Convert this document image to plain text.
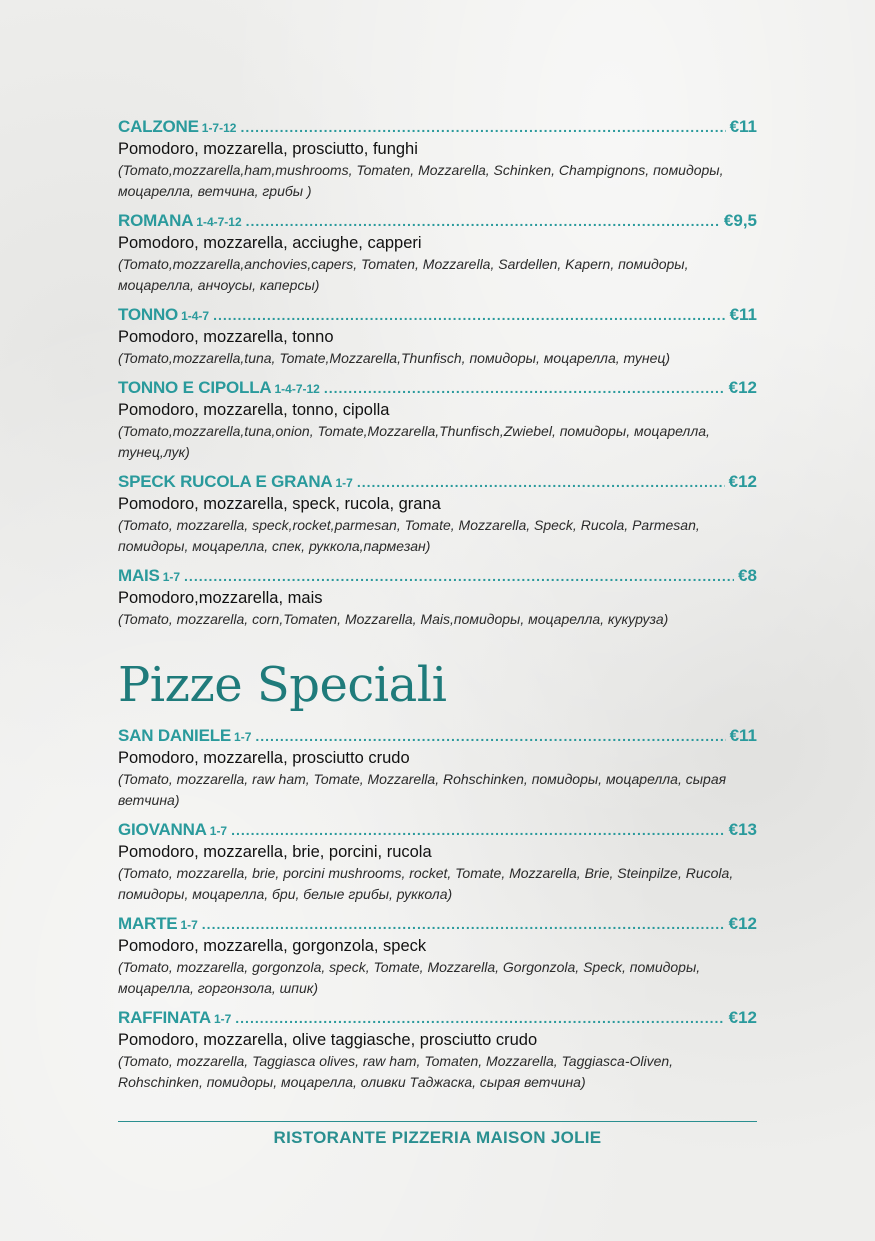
CALZONE 1-7-12 .....	€11
Pomodoro, mozzarella, prosciutto, funghi
(Tomato,mozzarella,ham,mushrooms, Tomaten, Mozzarella, Schinken, Champignons, помидоры, моцарелла, ветчина, грибы )
ROMANA 1-4-7-12 .....	€9,5
Pomodoro, mozzarella, acciughe, capperi
(Tomato,mozzarella,anchovies,capers, Tomaten, Mozzarella, Sardellen, Kapern, помидоры, моцарелла, анчоусы, каперсы)
TONNO 1-4-7 .....	€11
Pomodoro, mozzarella, tonno
(Tomato,mozzarella,tuna, Tomate,Mozzarella,Thunfisch, помидоры, моцарелла, тунец)
TONNO E CIPOLLA 1-4-7-12 .....	€12
Pomodoro, mozzarella, tonno, cipolla
(Tomato,mozzarella,tuna,onion, Tomate,Mozzarella,Thunfisch,Zwiebel, помидоры, моцарелла, тунец,лук)
SPECK RUCOLA E GRANA 1-7 .....	€12
Pomodoro, mozzarella, speck, rucola, grana
(Tomato, mozzarella, speck,rocket,parmesan, Tomate, Mozzarella, Speck, Rucola, Parmesan, помидоры, моцарелла, спек, руккола,пармезан)
MAIS 1-7 .....	€8
Pomodoro,mozzarella, mais
(Tomato, mozzarella, corn,Tomaten, Mozzarella, Mais,помидоры, моцарелла, кукуруза)
Pizze Speciali
SAN DANIELE 1-7 .....	€11
Pomodoro, mozzarella, prosciutto crudo
(Tomato, mozzarella, raw ham, Tomate, Mozzarella, Rohschinken, помидоры, моцарелла, сырая ветчина)
GIOVANNA 1-7 .....	€13
Pomodoro, mozzarella, brie, porcini, rucola
(Tomato, mozzarella, brie, porcini mushrooms, rocket, Tomate, Mozzarella, Brie, Steinpilze, Rucola, помидоры, моцарелла, бри, белые грибы, руккола)
MARTE 1-7 .....	€12
Pomodoro, mozzarella, gorgonzola, speck
(Tomato, mozzarella, gorgonzola, speck, Tomate, Mozzarella, Gorgonzola, Speck, помидоры, моцарелла, горгонзола, шпик)
RAFFINATA 1-7 .....	€12
Pomodoro, mozzarella, olive taggiasche, prosciutto crudo
(Tomato, mozzarella, Taggiasca olives, raw ham, Tomaten, Mozzarella, Taggiasca-Oliven, Rohschinken, помидоры, моцарелла, оливки Таджаска, сырая ветчина)
RISTORANTE PIZZERIA MAISON JOLIE
